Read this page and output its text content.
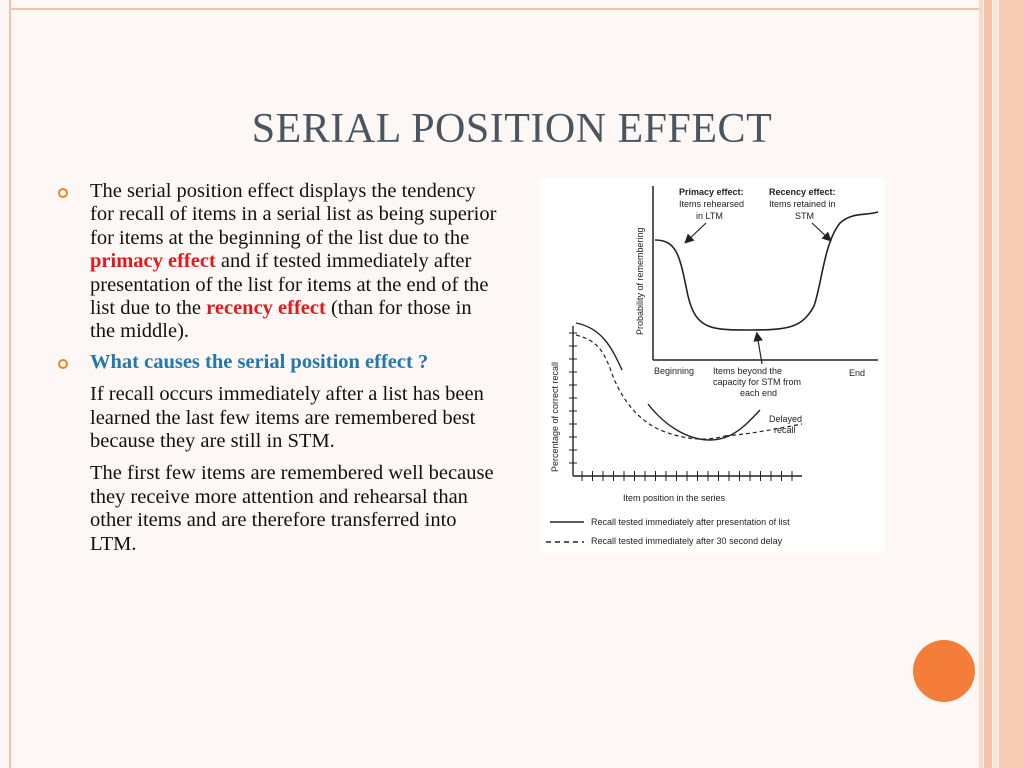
SERIAL POSITION EFFECT
The serial position effect displays the tendency for recall of items in a serial list as being superior for items at the beginning of the list due to the primacy effect and if tested immediately after presentation of the list for items at the end of the list due to the recency effect (than for those in the middle).
What causes the serial position effect ?
If recall occurs immediately after a list has been learned the last few items are remembered best because they are still in STM.
The first few items are remembered well because they receive more attention and rehearsal than other items and are therefore transferred into LTM.
Probability of remembering
Primacy effect:
Items rehearsed
in LTM
Recency effect:
Items retained in
STM
Beginning	End
Items beyond the
capacity for STM from
each end
Percentage of correct recall	Delayed
recall
Item position in the series
Recall tested immediately after presentation of list
Recall tested immediately after 30 second delay
